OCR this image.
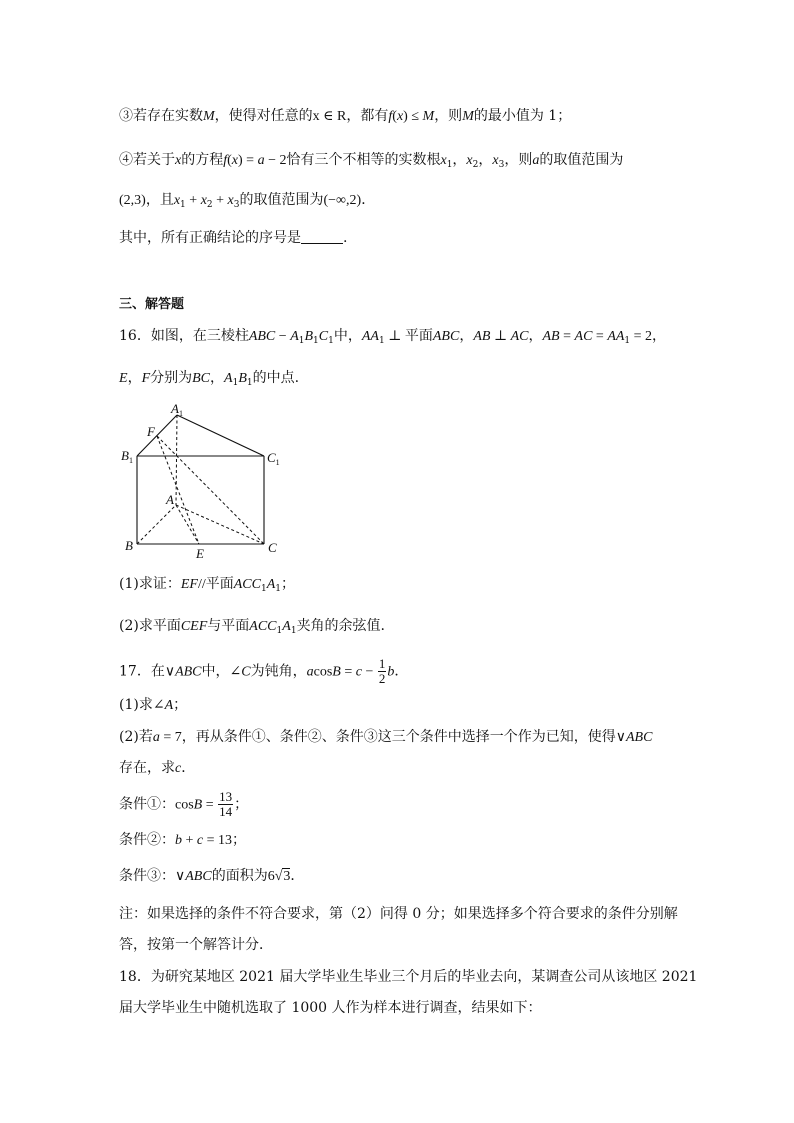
③若存在实数M，使得对任意的x ∈ R，都有f(x) ≤ M，则M的最小值为 1；
④若关于x的方程f(x) = a − 2恰有三个不相等的实数根$x_1$，$x_2$，$x_3$，则a的取值范围为
(2,3)，且$x_1 + x_2 + x_3$的取值范围为(−∞,2)．
其中，所有正确结论的序号是	.
三、解答题
16．如图，在三棱柱ABC − $A_1B_1C_1$中，$AA_1$ ⊥ 平面ABC，AB ⊥ AC，AB = AC = $AA_1 = 2$，
E，F分别为BC，$A_1B_1$的中点.
$A_1$
F
$B_1$	$C_1$
A
B
E	C
(1)求证：EF//平面$ACC_1A_1$；
(2)求平面CEF与平面$ACC_1A_1$夹角的余弦值.
17．在∨ABC中，∠C为钝角，$acosB = c - \frac{1}{2}$ b．
(1)求∠A；
(2)若a = 7，再从条件①、条件②、条件③这三个条件中选择一个作为已知，使得∨ABC
存在，求c．
条件①：$\cos B = \frac{13}{14}$ ；
条件②：b + c = 13；
条件③：∨ABC的面积为6√3．
注：如果选择的条件不符合要求，第（2）问得 0 分；如果选择多个符合要求的条件分别解
答，按第一个解答计分．
18．为研究某地区 2021 届大学毕业生毕业三个月后的毕业去向，某调查公司从该地区 2021
届大学毕业生中随机选取了 1000 人作为样本进行调查，结果如下：
